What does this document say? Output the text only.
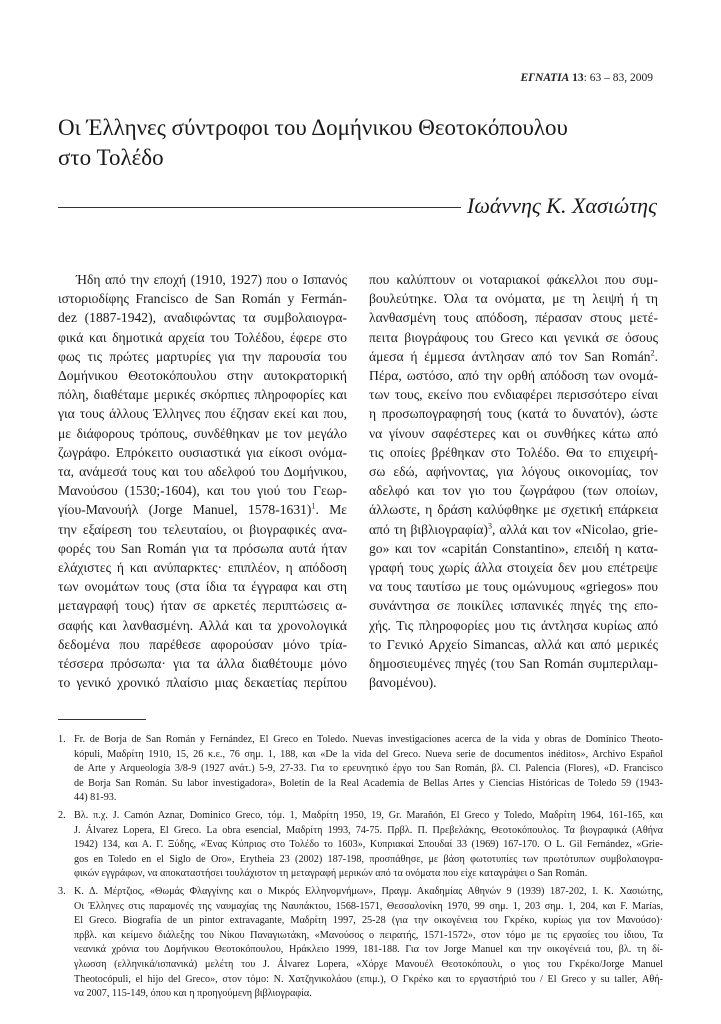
ΕΓΝΑΤΙΑ 13: 63 – 83, 2009
Οι Έλληνες σύντροφοι του Δομήνικου Θεοτοκόπουλου
στο Τολέδο
Ιωάννης Κ. Χασιώτης

Ήδη από την εποχή (1910, 1927) που ο Ισπανός

ιστοριοδίφης Francisco de San Román y Fermán-

dez (1887-1942), αναδιφώντας τα συμβολαιογρα-

φικά και δημοτικά αρχεία του Τολέδου, έφερε στο

φως τις πρώτες μαρτυρίες για την παρουσία του

Δομήνικου Θεοτοκόπουλου στην αυτοκρατορική

πόλη, διαθέταμε μερικές σκόρπιες πληροφορίες και

για τους άλλους Έλληνες που έζησαν εκεί και που,

με διάφορους τρόπους, συνδέθηκαν με τον μεγάλο

ζωγράφο. Επρόκειτο ουσιαστικά για είκοσι ονόμα-

τα, ανάμεσά τους και του αδελφού του Δομήνικου,

Μανούσου (1530;-1604), και του γιού του Γεωρ-

γίου-Μανουήλ (Jorge Manuel, 1578-1631)$^1$. Με

την εξαίρεση του τελευταίου, οι βιογραφικές ανα-

φορές του San Román για τα πρόσωπα αυτά ήταν

ελάχιστες ή και ανύπαρκτες· επιπλέον, η απόδοση

των ονομάτων τους (στα ίδια τα έγγραφα και στη

μεταγραφή τους) ήταν σε αρκετές περιπτώσεις α-

σαφής και λανθασμένη. Αλλά και τα χρονολογικά

δεδομένα που παρέθεσε αφορούσαν μόνο τρία-

τέσσερα πρόσωπα· για τα άλλα διαθέτουμε μόνο

το γενικό χρονικό πλαίσιο μιας δεκαετίας περίπου

που καλύπτουν οι νοταριακοί φάκελλοι που συμ-

βουλεύτηκε. Όλα τα ονόματα, με τη λειψή ή τη

λανθασμένη τους απόδοση, πέρασαν στους μετέ-

πειτα βιογράφους του Greco και γενικά σε όσους

άμεσα ή έμμεσα άντλησαν από τον San Román$^2$.

Πέρα, ωστόσο, από την ορθή απόδοση των ονομά-

των τους, εκείνο που ενδιαφέρει περισσότερο είναι

η προσωπογραφησή τους (κατά το δυνατόν), ώστε

να γίνουν σαφέστερες και οι συνθήκες κάτω από

τις οποίες βρέθηκαν στο Τολέδο. Θα το επιχειρή-

σω εδώ, αφήνοντας, για λόγους οικονομίας, τον

αδελφό και τον γιο του ζωγράφου (των οποίων,

άλλωστε, η δράση καλύφθηκε με σχετική επάρκεια

από τη βιβλιογραφία)$^3$, αλλά και τον «Nicolao, grie-

go» και τον «capitán Constantino», επειδή η κατα-

γραφή τους χωρίς άλλα στοιχεία δεν μου επέτρεψε

να τους ταυτίσω με τους ομώνυμους «griegos» που

συνάντησα σε ποικίλες ισπανικές πηγές της επο-

χής. Τις πληροφορίες μου τις άντλησα κυρίως από

το Γενικό Αρχείο Simancas, αλλά και από μερικές

δημοσιευμένες πηγές (του San Román συμπεριλαμ-

βανομένου).

1. Fr. de Borja de San Román y Fernández, El Greco en Toledo. Nuevas investigaciones acerca de la vida y obras de Domínico Theoto-

kópuli, Μαδρίτη 1910, 15, 26 κ.ε., 76 σημ. 1, 188, και «De la vida del Greco. Nueva serie de documentos inéditos», Archivo Español

de Arte y Arqueología 3/8-9 (1927 ανάτ.) 5-9, 27-33. Για το ερευνητικό έργο του San Román, βλ. Cl. Palencia (Flores), «D. Francisco

de Borja San Román. Su labor investigadora», Boletín de la Real Academia de Bellas Artes y Ciencias Históricas de Toledo 59 (1943-

44) 81-93.

2. Βλ. π.χ. J. Camón Aznar, Dominico Greco, τόμ. 1, Μαδρίτη 1950, 19, Gr. Marañón, El Greco y Toledo, Μαδρίτη 1964, 161-165, και

J. Álvarez Lopera, El Greco. La obra esencial, Μαδρίτη 1993, 74-75. Πρβλ. Π. Πρεβελάκης, Θεοτοκόπουλος. Τα βιογραφικά (Αθήνα

1942) 134, και Α. Γ. Ξύδης, «Ένας Κύπριος στο Τολέδο το 1603», Κυπριακαί Σπουδαί 33 (1969) 167-170. O L. Gil Fernández, «Grie-

gos en Toledo en el Siglo de Oro», Erytheia 23 (2002) 187-198, προσπάθησε, με βάση φωτοτυπίες των πρωτότυπων συμβολαιογρα-

φικών εγγράφων, να αποκαταστήσει τουλάχιστον τη μεταγραφή μερικών από τα ονόματα που είχε καταγράψει ο San Román.

3. Κ. Δ. Μέρτζιος, «Θωμάς Φλαγγίνης και ο Μικρός Ελληνομνήμων», Πραγμ. Ακαδημίας Αθηνών 9 (1939) 187-202, Ι. Κ. Χασιώτης,

Οι Έλληνες στις παραμονές της ναυμαχίας της Ναυπάκτου, 1568-1571, Θεσσαλονίκη 1970, 99 σημ. 1, 203 σημ. 1, 204, και F. Marías,

El Greco. Biografía de un pintor extravagante, Μαδρίτη 1997, 25-28 (για την οικογένεια του Γκρέκο, κυρίως για τον Μανούσο)·

πρβλ. και κείμενο διάλεξης του Νίκου Παναγιωτάκη, «Μανούσος ο πειρατής, 1571-1572», στον τόμο με τις εργασίες του ίδιου, Τα

νεανικά χρόνια του Δομήνικου Θεοτοκόπουλου, Ηράκλειο 1999, 181-188. Για τον Jorge Manuel και την οικογένειά του, βλ. τη δί-

γλωσση (ελληνικά/ισπανικά) μελέτη του J. Álvarez Lopera, «Χόρχε Μανουέλ Θεοτοκόπουλι, ο γιος του Γκρέκο/Jorge Manuel

Theotocópuli, el hijo del Greco», στον τόμο: N. Χατζηνικολάου (επιμ.), Ο Γκρέκο και το εργαστήριό του / El Greco y su taller, Αθή-

να 2007, 115-149, όπου και η προηγούμενη βιβλιογραφία.
